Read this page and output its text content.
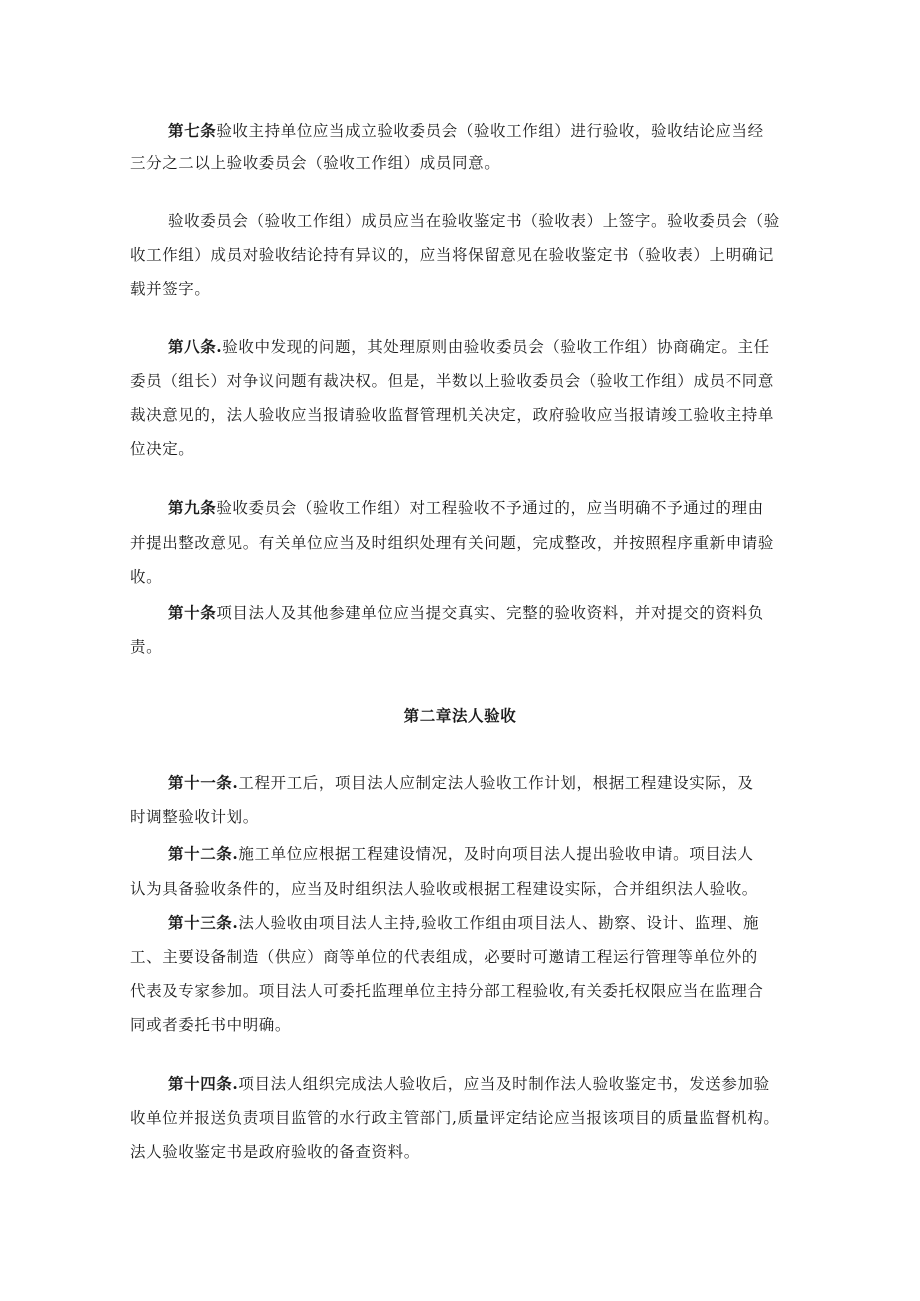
第七条验收主持单位应当成立验收委员会（验收工作组）进行验收，验收结论应当经
三分之二以上验收委员会（验收工作组）成员同意。
验收委员会（验收工作组）成员应当在验收鉴定书（验收表）上签字。验收委员会（验
收工作组）成员对验收结论持有异议的，应当将保留意见在验收鉴定书（验收表）上明确记
载并签字。
第八条.验收中发现的问题，其处理原则由验收委员会（验收工作组）协商确定。主任
委员（组长）对争议问题有裁决权。但是，半数以上验收委员会（验收工作组）成员不同意
裁决意见的，法人验收应当报请验收监督管理机关决定，政府验收应当报请竣工验收主持单
位决定。
第九条验收委员会（验收工作组）对工程验收不予通过的，应当明确不予通过的理由
并提出整改意见。有关单位应当及时组织处理有关问题，完成整改，并按照程序重新申请验
收。
第十条项目法人及其他参建单位应当提交真实、完整的验收资料，并对提交的资料负
责。
第二章法人验收
第十一条.工程开工后，项目法人应制定法人验收工作计划，根据工程建设实际，及
时调整验收计划。
第十二条.施工单位应根据工程建设情况，及时向项目法人提出验收申请。项目法人
认为具备验收条件的，应当及时组织法人验收或根据工程建设实际，合并组织法人验收。
第十三条.法人验收由项目法人主持,验收工作组由项目法人、勘察、设计、监理、施
工、主要设备制造（供应）商等单位的代表组成，必要时可邀请工程运行管理等单位外的
代表及专家参加。项目法人可委托监理单位主持分部工程验收,有关委托权限应当在监理合
同或者委托书中明确。
第十四条.项目法人组织完成法人验收后，应当及时制作法人验收鉴定书，发送参加验
收单位并报送负责项目监管的水行政主管部门,质量评定结论应当报该项目的质量监督机构。
法人验收鉴定书是政府验收的备查资料。
